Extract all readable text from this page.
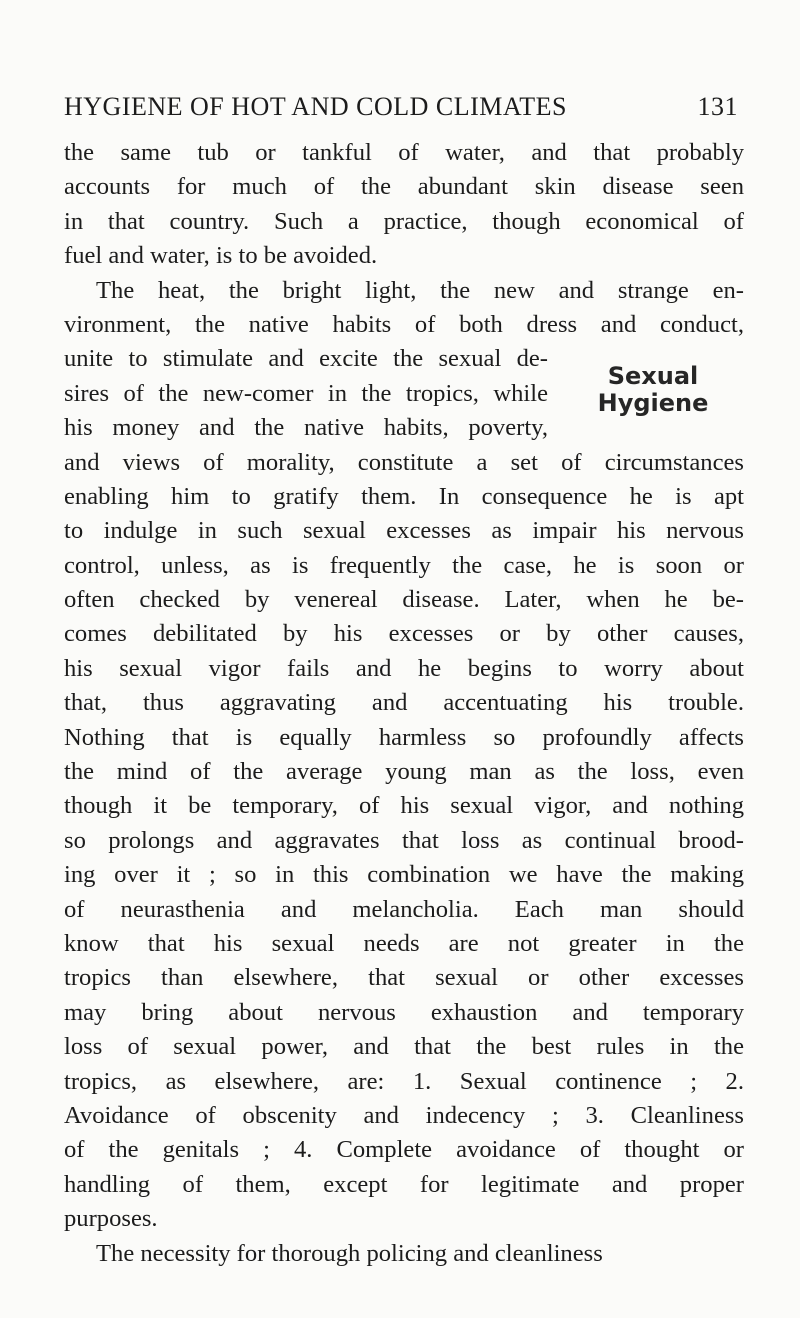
HYGIENE OF HOT AND COLD CLIMATES	131
Sexual
Hygiene
the same tub or tankful of water, and that probably
accounts for much of the abundant skin disease seen
in that country. Such a practice, though economical of
fuel and water, is to be avoided.
The heat, the bright light, the new and strange en-
vironment, the native habits of both dress and conduct,
unite to stimulate and excite the sexual de-
sires of the new-comer in the tropics, while
his money and the native habits, poverty,
and views of morality, constitute a set of circumstances
enabling him to gratify them. In consequence he is apt
to indulge in such sexual excesses as impair his nervous
control, unless, as is frequently the case, he is soon or
often checked by venereal disease. Later, when he be-
comes debilitated by his excesses or by other causes,
his sexual vigor fails and he begins to worry about
that, thus aggravating and accentuating his trouble.
Nothing that is equally harmless so profoundly affects
the mind of the average young man as the loss, even
though it be temporary, of his sexual vigor, and nothing
so prolongs and aggravates that loss as continual brood-
ing over it ; so in this combination we have the making
of neurasthenia and melancholia. Each man should
know that his sexual needs are not greater in the
tropics than elsewhere, that sexual or other excesses
may bring about nervous exhaustion and temporary
loss of sexual power, and that the best rules in the
tropics, as elsewhere, are: 1. Sexual continence ; 2.
Avoidance of obscenity and indecency ; 3. Cleanliness
of the genitals ; 4. Complete avoidance of thought or
handling of them, except for legitimate and proper
purposes.
The necessity for thorough policing and cleanliness
